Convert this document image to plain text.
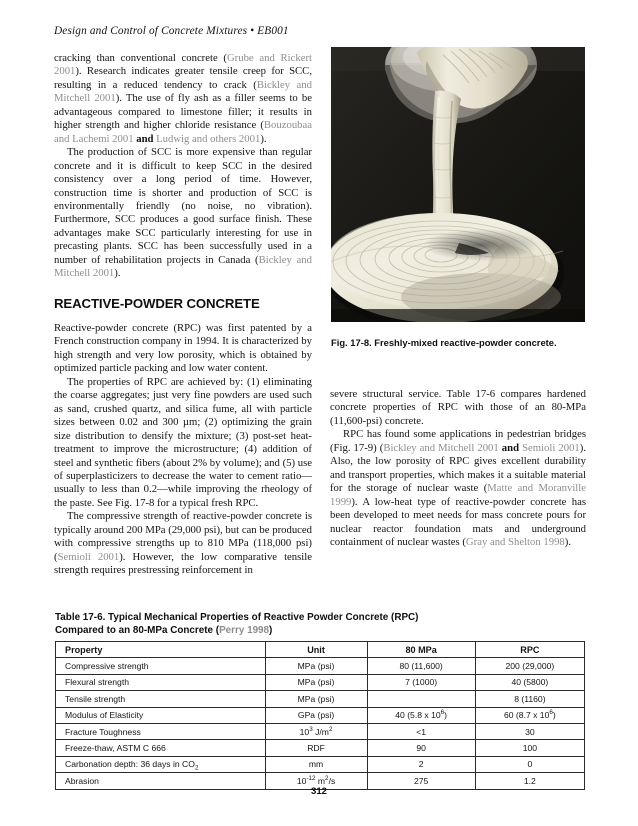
Design and Control of Concrete Mixtures • EB001
Fig. 17-8. Freshly-mixed reactive-powder concrete.

cracking than conventional concrete (Grube and Rickert 2001). Research indicates greater tensile creep for SCC, resulting in a reduced tendency to crack (Bickley and Mitchell 2001). The use of fly ash as a filler seems to be advantageous compared to limestone filler; it results in higher strength and higher chloride resistance (Bouzoubaa and Lachemi 2001 and Ludwig and others 2001).

The production of SCC is more expensive than regular concrete and it is difficult to keep SCC in the desired consistency over a long period of time. However, construction time is shorter and production of SCC is environmentally friendly (no noise, no vibration). Furthermore, SCC produces a good surface finish. These advantages make SCC particularly interesting for use in precasting plants. SCC has been successfully used in a number of rehabilitation projects in Canada (Bickley and Mitchell 2001).

REACTIVE-POWDER CONCRETE

Reactive-powder concrete (RPC) was first patented by a French construction company in 1994. It is characterized by high strength and very low porosity, which is obtained by optimized particle packing and low water content.

The properties of RPC are achieved by: (1) eliminating the coarse aggregates; just very fine powders are used such as sand, crushed quartz, and silica fume, all with particle sizes between 0.02 and 300 µm; (2) optimizing the grain size distribution to densify the mixture; (3) post-set heat-treatment to improve the microstructure; (4) addition of steel and synthetic fibers (about 2% by volume); and (5) use of superplasticizers to decrease the water to cement ratio—usually to less than 0.2—while improving the rheology of the paste. See Fig. 17-8 for a typical fresh RPC.

The compressive strength of reactive-powder concrete is typically around 200 MPa (29,000 psi), but can be produced with compressive strengths up to 810 MPa (118,000 psi) (Semioli 2001). However, the low comparative tensile strength requires prestressing reinforcement in

severe structural service. Table 17-6 compares hardened concrete properties of RPC with those of an 80-MPa (11,600-psi) concrete.

RPC has found some applications in pedestrian bridges (Fig. 17-9) (Bickley and Mitchell 2001 and Semioli 2001). Also, the low porosity of RPC gives excellent durability and transport properties, which makes it a suitable material for the storage of nuclear waste (Matte and Moranville 1999). A low-heat type of reactive-powder concrete has been developed to meet needs for mass concrete pours for nuclear reactor foundation mats and underground containment of nuclear wastes (Gray and Shelton 1998).

Table 17-6. Typical Mechanical Properties of Reactive Powder Concrete (RPC)
Compared to an 80-MPa Concrete (Perry 1998)
Property	Unit	80 MPa	RPC
Compressive strength	MPa (psi)	80 (11,600)	200 (29,000)
Flexural strength	MPa (psi)	7 (1000)	40 (5800)
Tensile strength	MPa (psi)		8 (1160)
Modulus of Elasticity	GPa (psi)	40 (5.8 x $10^6$)	60 (8.7 x $10^6$)
Fracture Toughness	$10^3$ $J/m^2$	<1	30
Freeze-thaw, ASTM C 666	RDF	90	100
Carbonation depth: 36 days in $CO_2$	mm	2	0
Abrasion	$10^{-12}$ $m^2/s$	275	1.2
312
